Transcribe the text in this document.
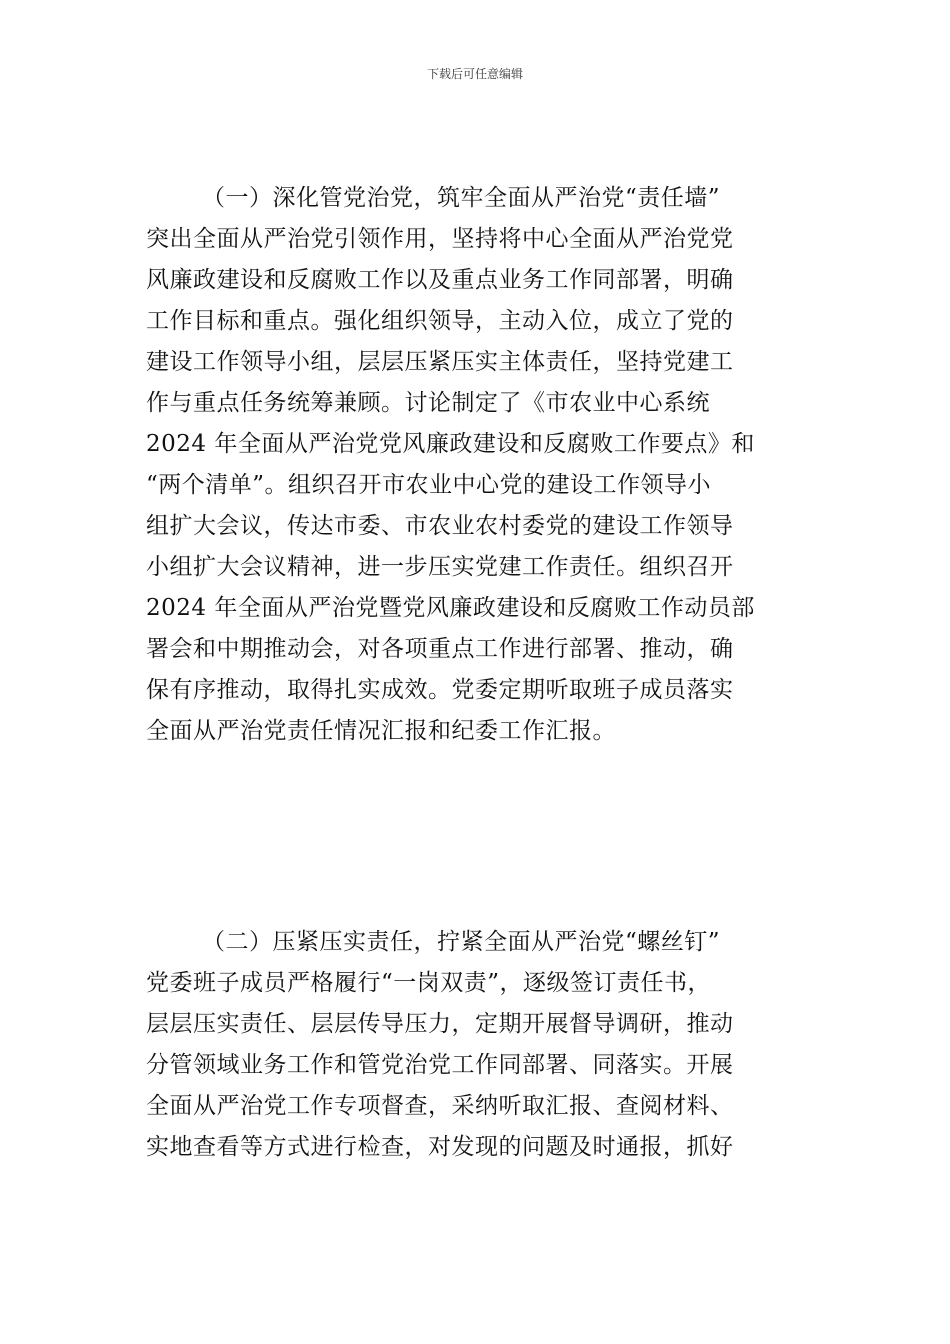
下载后可任意编辑
（一）深化管党治党，筑牢全面从严治党“责任墙”
突出全面从严治党引领作用，坚持将中心全面从严治党党
风廉政建设和反腐败工作以及重点业务工作同部署，明确
工作目标和重点。强化组织领导，主动入位，成立了党的
建设工作领导小组，层层压紧压实主体责任，坚持党建工
作与重点任务统筹兼顾。讨论制定了《市农业中心系统
2024 年全面从严治党党风廉政建设和反腐败工作要点》和
“两个清单”。组织召开市农业中心党的建设工作领导小
组扩大会议，传达市委、市农业农村委党的建设工作领导
小组扩大会议精神，进一步压实党建工作责任。组织召开
2024 年全面从严治党暨党风廉政建设和反腐败工作动员部
署会和中期推动会，对各项重点工作进行部署、推动，确
保有序推动，取得扎实成效。党委定期听取班子成员落实
全面从严治党责任情况汇报和纪委工作汇报。
（二）压紧压实责任，拧紧全面从严治党“螺丝钉”
党委班子成员严格履行“一岗双责”，逐级签订责任书，
层层压实责任、层层传导压力，定期开展督导调研，推动
分管领域业务工作和管党治党工作同部署、同落实。开展
全面从严治党工作专项督查，采纳听取汇报、查阅材料、
实地查看等方式进行检查，对发现的问题及时通报，抓好
